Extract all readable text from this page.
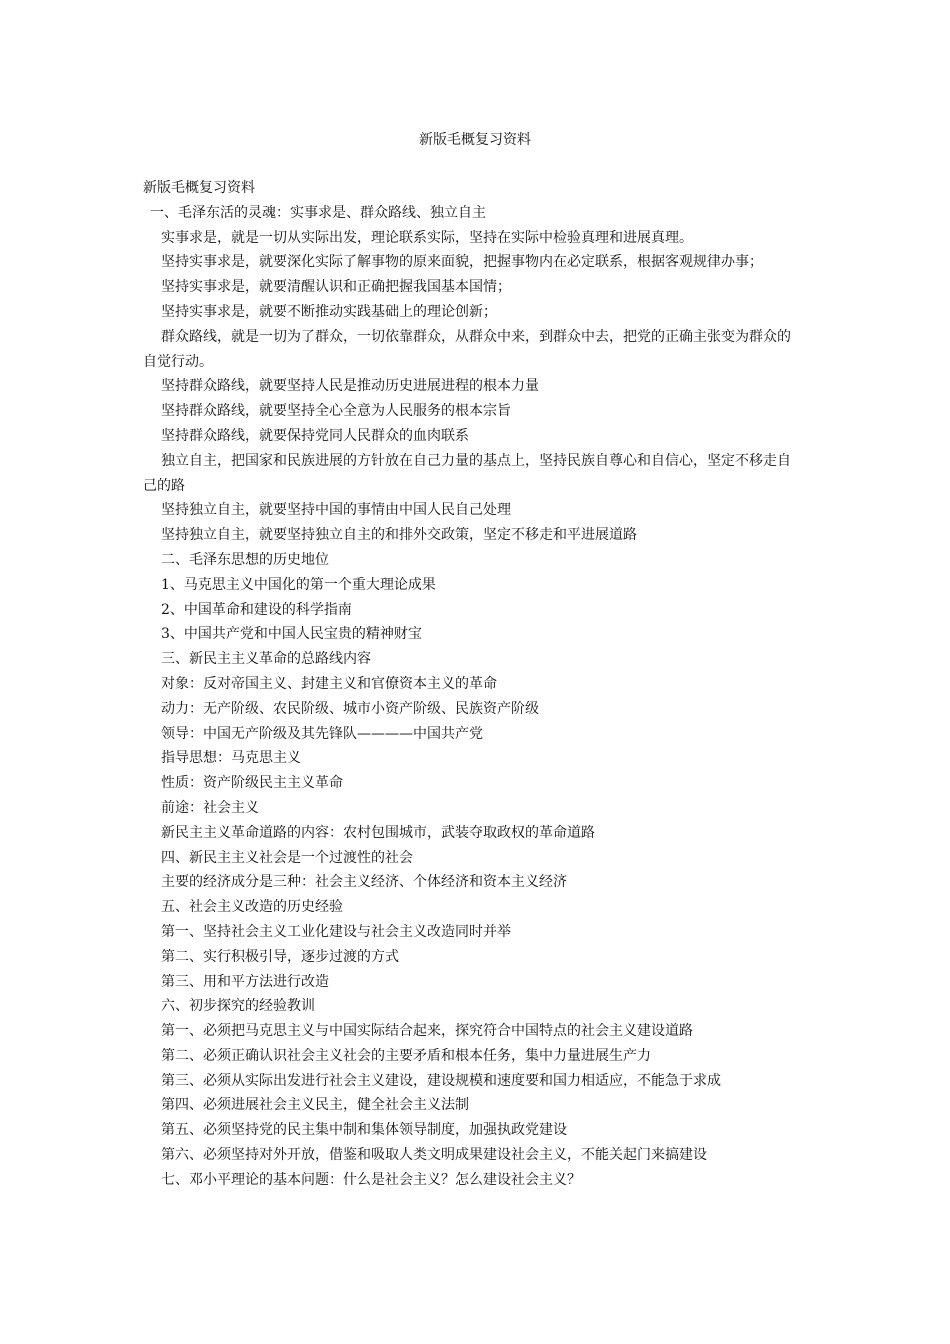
新版毛概复习资料

新版毛概复习资料

一、毛泽东活的灵魂：实事求是、群众路线、独立自主

实事求是，就是一切从实际出发，理论联系实际，坚持在实际中检验真理和进展真理。

坚持实事求是，就要深化实际了解事物的原来面貌，把握事物内在必定联系，根据客观规律办事；

坚持实事求是，就要清醒认识和正确把握我国基本国情；

坚持实事求是，就要不断推动实践基础上的理论创新；

群众路线，就是一切为了群众，一切依靠群众，从群众中来，到群众中去，把党的正确主张变为群众的自觉行动。

坚持群众路线，就要坚持人民是推动历史进展进程的根本力量

坚持群众路线，就要坚持全心全意为人民服务的根本宗旨

坚持群众路线，就要保持党同人民群众的血肉联系

独立自主，把国家和民族进展的方针放在自己力量的基点上，坚持民族自尊心和自信心，坚定不移走自己的路

坚持独立自主，就要坚持中国的事情由中国人民自己处理

坚持独立自主，就要坚持独立自主的和排外交政策，坚定不移走和平进展道路

二、毛泽东思想的历史地位

1、马克思主义中国化的第一个重大理论成果

2、中国革命和建设的科学指南

3、中国共产党和中国人民宝贵的精神财宝

三、新民主主义革命的总路线内容

对象：反对帝国主义、封建主义和官僚资本主义的革命

动力：无产阶级、农民阶级、城市小资产阶级、民族资产阶级

领导：中国无产阶级及其先锋队————中国共产党

指导思想：马克思主义

性质：资产阶级民主主义革命

前途：社会主义

新民主主义革命道路的内容：农村包围城市，武装夺取政权的革命道路

四、新民主主义社会是一个过渡性的社会

主要的经济成分是三种：社会主义经济、个体经济和资本主义经济

五、社会主义改造的历史经验

第一、坚持社会主义工业化建设与社会主义改造同时并举

第二、实行积极引导，逐步过渡的方式

第三、用和平方法进行改造

六、初步探究的经验教训

第一、必须把马克思主义与中国实际结合起来，探究符合中国特点的社会主义建设道路

第二、必须正确认识社会主义社会的主要矛盾和根本任务，集中力量进展生产力

第三、必须从实际出发进行社会主义建设，建设规模和速度要和国力相适应，不能急于求成

第四、必须进展社会主义民主，健全社会主义法制

第五、必须坚持党的民主集中制和集体领导制度，加强执政党建设

第六、必须坚持对外开放，借鉴和吸取人类文明成果建设社会主义，不能关起门来搞建设

七、邓小平理论的基本问题：什么是社会主义？怎么建设社会主义？
